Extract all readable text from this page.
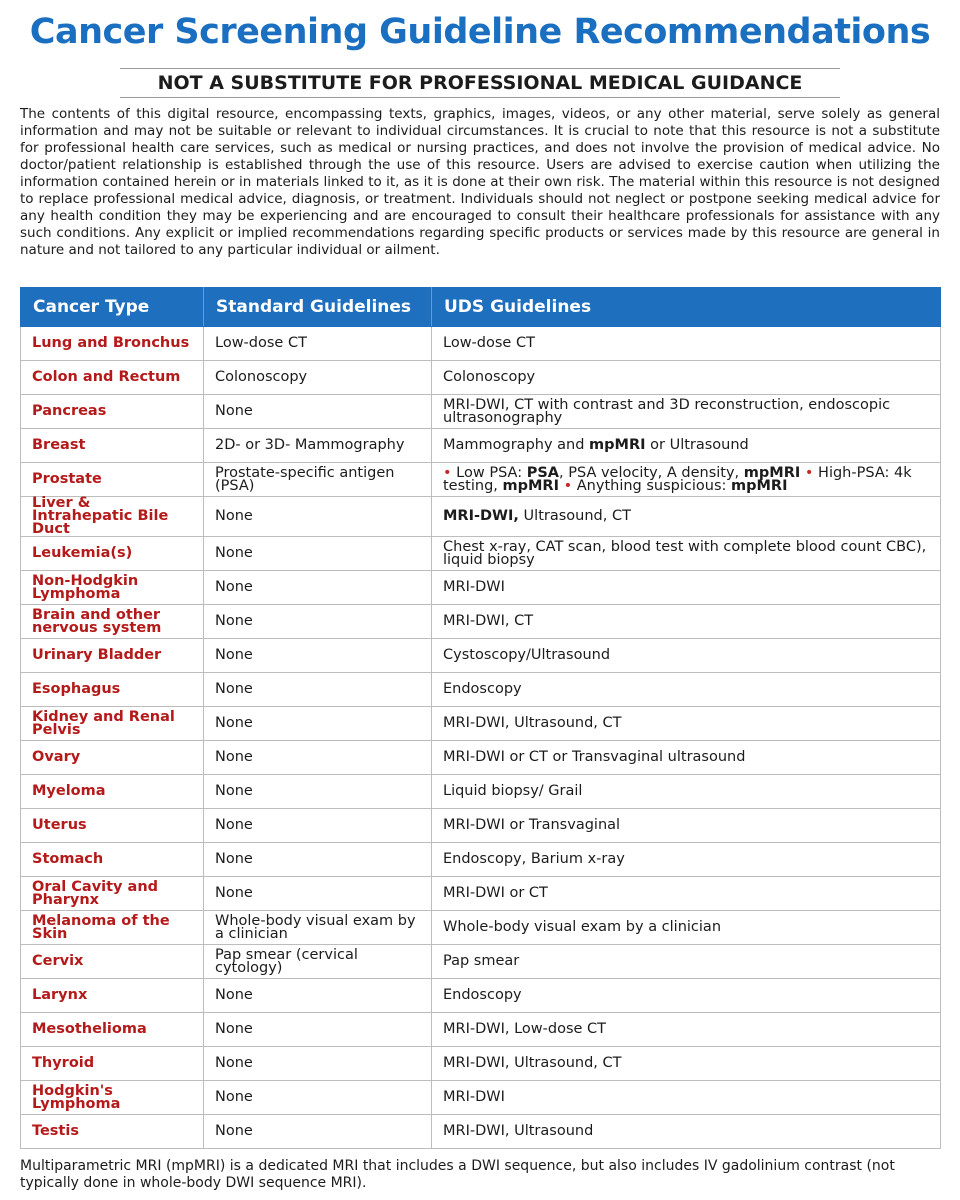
Cancer Screening Guideline Recommendations
NOT A SUBSTITUTE FOR PROFESSIONAL MEDICAL GUIDANCE

The contents of this digital resource, encompassing texts, graphics, images, videos, or any other material, serve solely as general information and may not be suitable or relevant to individual circumstances. It is crucial to note that this resource is not a substitute for professional health care services, such as medical or nursing practices, and does not involve the provision of medical advice. No doctor/patient relationship is established through the use of this resource. Users are advised to exercise caution when utilizing the information contained herein or in materials linked to it, as it is done at their own risk. The material within this resource is not designed to replace professional medical advice, diagnosis, or treatment. Individuals should not neglect or postpone seeking medical advice for any health condition they may be experiencing and are encouraged to consult their healthcare professionals for assistance with any such conditions. Any explicit or implied recommendations regarding specific products or services made by this resource are general in nature and not tailored to any particular individual or ailment.

Cancer Type	Standard Guidelines	UDS Guidelines
Lung and Bronchus	Low-dose CT	Low-dose CT
Colon and Rectum	Colonoscopy	Colonoscopy
Pancreas	None	MRI-DWI, CT with contrast and 3D reconstruction, endoscopic ultrasonography
Breast	2D- or 3D- Mammography	Mammography and mpMRI or Ultrasound
Prostate	Prostate-specific antigen (PSA)	• Low PSA: PSA, PSA velocity, A density, mpMRI • High-PSA: 4k testing, mpMRI • Anything suspicious: mpMRI
Liver & Intrahepatic Bile Duct	None	MRI-DWI, Ultrasound, CT
Leukemia(s)	None	Chest x-ray, CAT scan, blood test with complete blood count CBC), liquid biopsy
Non-Hodgkin Lymphoma	None	MRI-DWI
Brain and other nervous system	None	MRI-DWI, CT
Urinary Bladder	None	Cystoscopy/Ultrasound
Esophagus	None	Endoscopy
Kidney and Renal Pelvis	None	MRI-DWI, Ultrasound, CT
Ovary	None	MRI-DWI or CT or Transvaginal ultrasound
Myeloma	None	Liquid biopsy/ Grail
Uterus	None	MRI-DWI or Transvaginal
Stomach	None	Endoscopy, Barium x-ray
Oral Cavity and Pharynx	None	MRI-DWI or CT
Melanoma of the Skin	Whole-body visual exam by a clinician	Whole-body visual exam by a clinician
Cervix	Pap smear (cervical cytology)	Pap smear
Larynx	None	Endoscopy
Mesothelioma	None	MRI-DWI, Low-dose CT
Thyroid	None	MRI-DWI, Ultrasound, CT
Hodgkin's Lymphoma	None	MRI-DWI
Testis	None	MRI-DWI, Ultrasound

Multiparametric MRI (mpMRI) is a dedicated MRI that includes a DWI sequence, but also includes IV gadolinium contrast (not typically done in whole-body DWI sequence MRI).
